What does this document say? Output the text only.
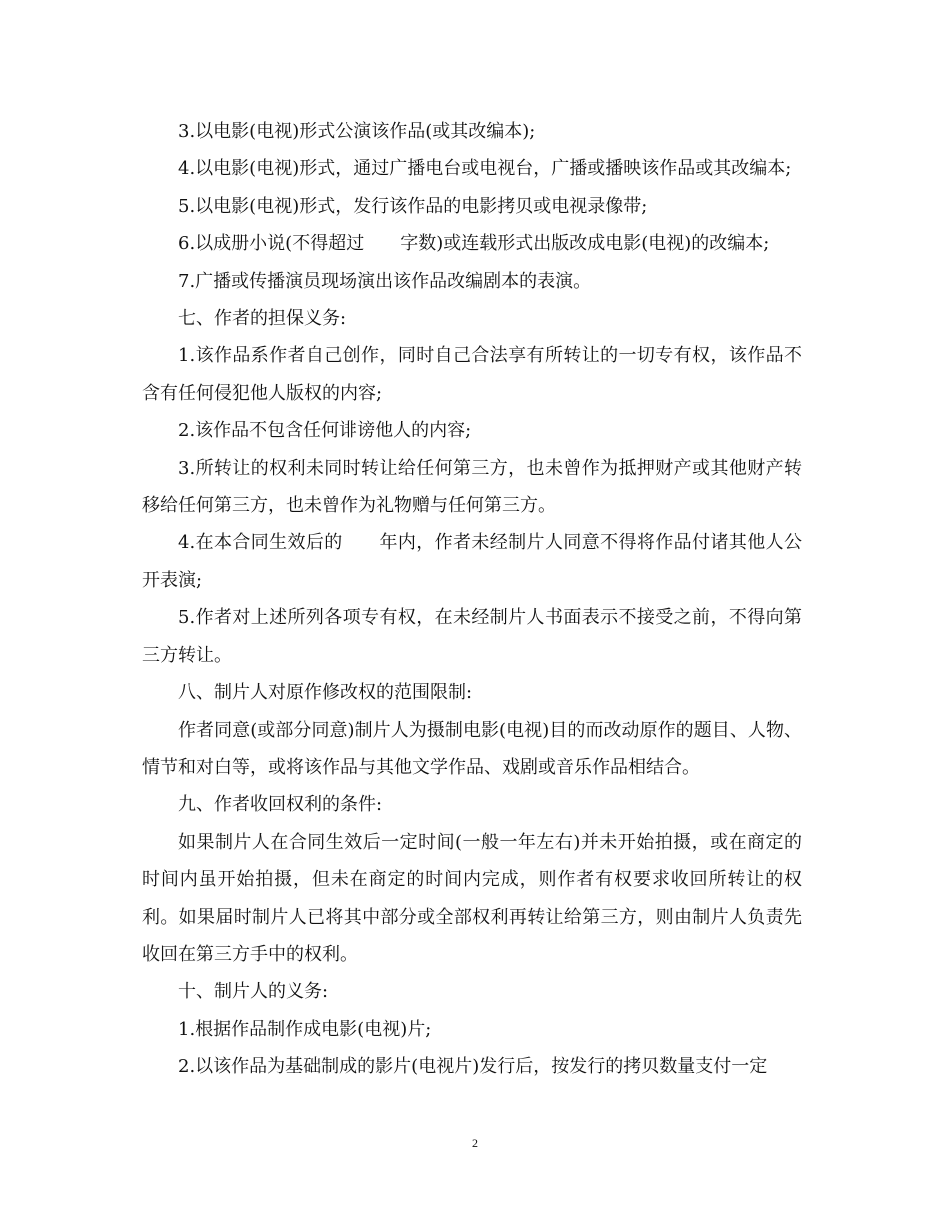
3.以电影(电视)形式公演该作品(或其改编本);

4.以电影(电视)形式，通过广播电台或电视台，广播或播映该作品或其改编本;

5.以电影(电视)形式，发行该作品的电影拷贝或电视录像带;

6.以成册小说(不得超过　　字数)或连载形式出版改成电影(电视)的改编本;

7.广播或传播演员现场演出该作品改编剧本的表演。

七、作者的担保义务:

1.该作品系作者自己创作，同时自己合法享有所转让的一切专有权，该作品不含有任何侵犯他人版权的内容;

2.该作品不包含任何诽谤他人的内容;

3.所转让的权利未同时转让给任何第三方，也未曾作为抵押财产或其他财产转移给任何第三方，也未曾作为礼物赠与任何第三方。

4.在本合同生效后的　　年内，作者未经制片人同意不得将作品付诸其他人公开表演;

5.作者对上述所列各项专有权，在未经制片人书面表示不接受之前，不得向第三方转让。

八、制片人对原作修改权的范围限制:

作者同意(或部分同意)制片人为摄制电影(电视)目的而改动原作的题目、人物、情节和对白等，或将该作品与其他文学作品、戏剧或音乐作品相结合。

九、作者收回权利的条件:

如果制片人在合同生效后一定时间(一般一年左右)并未开始拍摄，或在商定的时间内虽开始拍摄，但未在商定的时间内完成，则作者有权要求收回所转让的权利。如果届时制片人已将其中部分或全部权利再转让给第三方，则由制片人负责先收回在第三方手中的权利。

十、制片人的义务:

1.根据作品制作成电影(电视)片;

2.以该作品为基础制成的影片(电视片)发行后，按发行的拷贝数量支付一定

2
